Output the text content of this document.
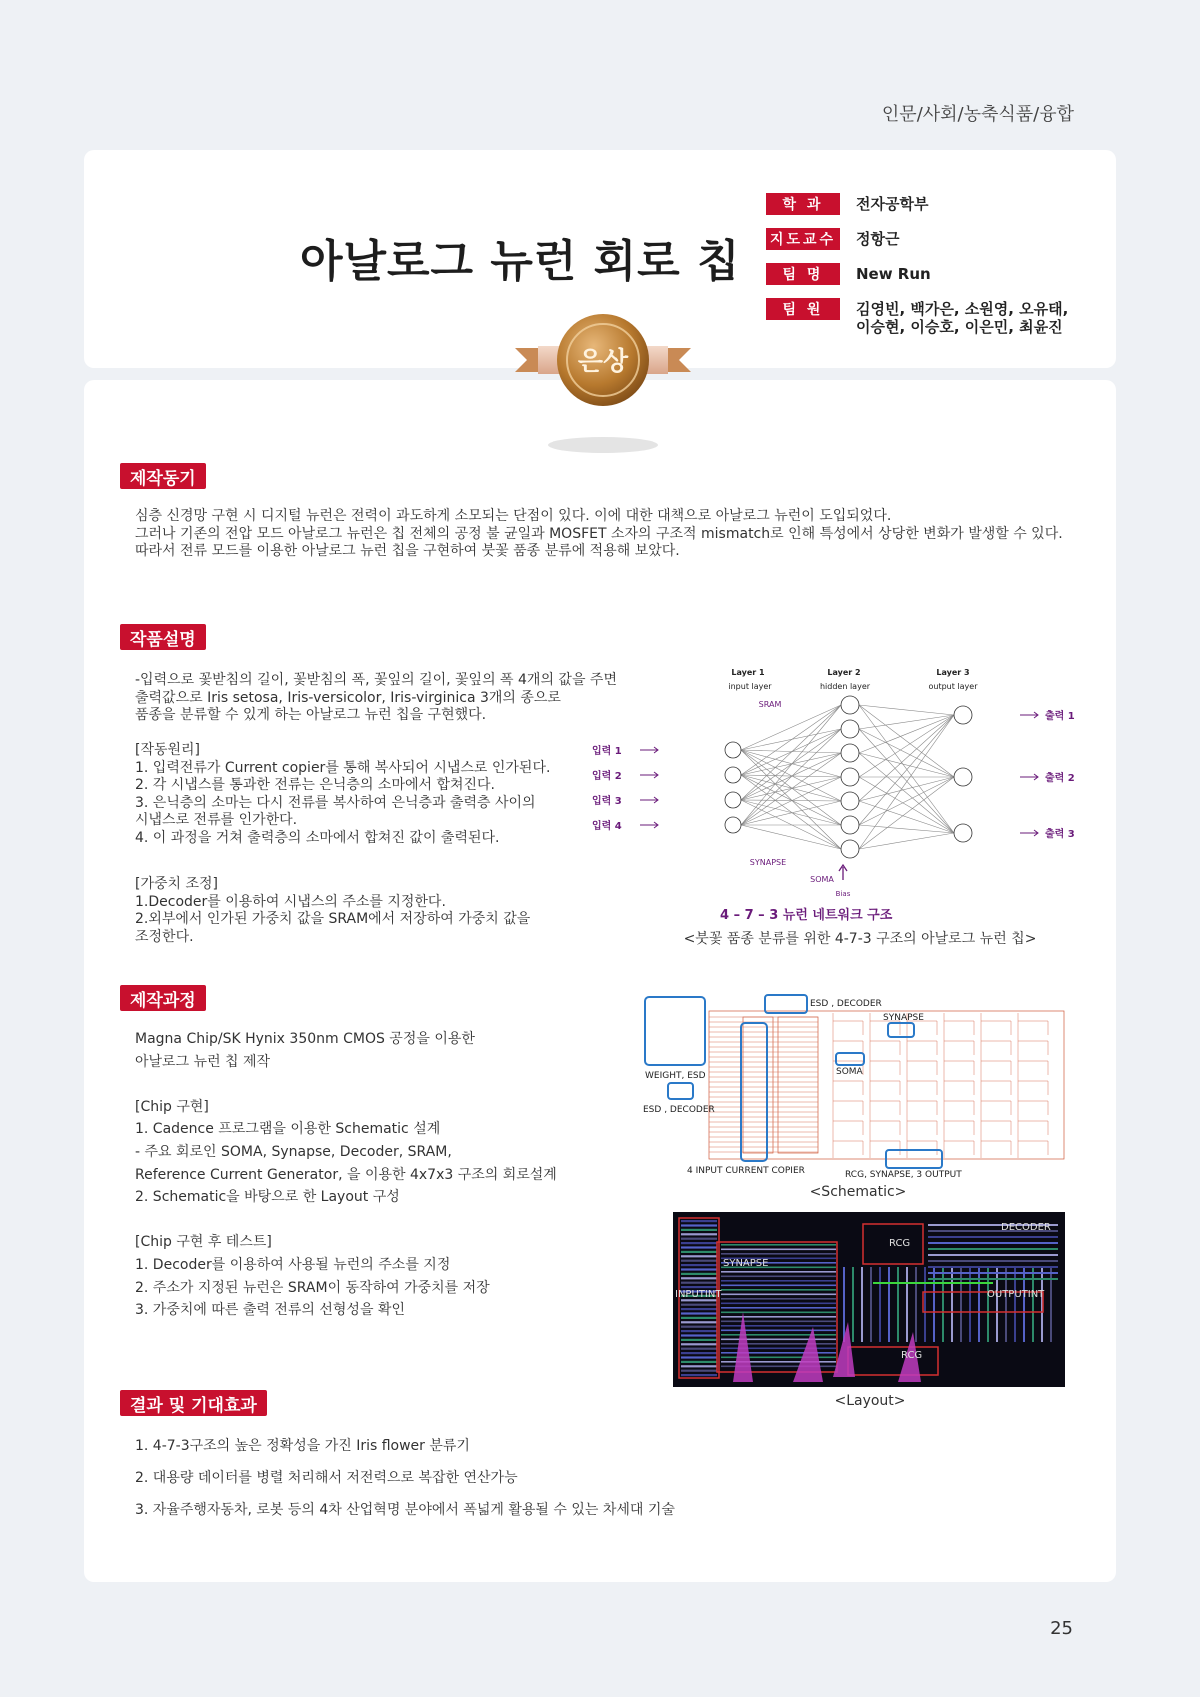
인문/사회/농축식품/융합
아날로그 뉴런 회로 칩
학 과	전자공학부
지도교수 정항근
팀 명	New Run
팀 원	김영빈, 백가은, 소원영, 오유태,
이승현, 이승호, 이은민, 최윤진
은상
제작동기

심층 신경망 구현 시 디지털 뉴런은 전력이 과도하게 소모되는 단점이 있다. 이에 대한 대책으로 아날로그 뉴런이 도입되었다.

그러나 기존의 전압 모드 아날로그 뉴런은 칩 전체의 공정 불 균일과 MOSFET 소자의 구조적 mismatch로 인해 특성에서 상당한 변화가 발생할 수 있다.

따라서 전류 모드를 이용한 아날로그 뉴런 칩을 구현하여 붓꽃 품종 분류에 적용해 보았다.

작품설명
-입력으로 꽃받침의 길이, 꽃받침의 폭, 꽃잎의 길이, 꽃잎의 폭 4개의 값을 주면
출력값으로 Iris setosa, Iris-versicolor, Iris-virginica 3개의 종으로
품종을 분류할 수 있게 하는 아날로그 뉴런 칩을 구현했다.
[작동원리]
1. 입력전류가 Current copier를 통해 복사되어 시냅스로 인가된다.
2. 각 시냅스를 통과한 전류는 은닉층의 소마에서 합쳐진다.
3. 은닉층의 소마는 다시 전류를 복사하여 은닉층과 출력층 사이의
시냅스로 전류를 인가한다.
4. 이 과정을 거쳐 출력층의 소마에서 합쳐진 값이 출력된다.
[가중치 조정]
1.Decoder를 이용하여 시냅스의 주소를 지정한다.
2.외부에서 인가된 가중치 값을 SRAM에서 저장하여 가중치 값을
조정한다.
입력 1
입력 2
입력 3
입력 4
출력 1
출력 2
출력 3
Layer 1
input layer
Layer 2
hidden layer
Layer 3
output layer
SRAM
SYNAPSE
SOMA
Bias
4 – 7 – 3 뉴런 네트워크 구조
<붓꽃 품종 분류를 위한 4-7-3 구조의 아날로그 뉴런 칩>
제작과정
Magna Chip/SK Hynix 350nm CMOS 공정을 이용한
아날로그 뉴런 칩 제작

[Chip 구현]
1. Cadence 프로그램을 이용한 Schematic 설계
- 주요 회로인 SOMA, Synapse, Decoder, SRAM,
Reference Current Generator, 을 이용한 4x7x3 구조의 회로설계
2. Schematic을 바탕으로 한 Layout 구성

[Chip 구현 후 테스트]
1. Decoder를 이용하여 사용될 뉴런의 주소를 지정
2. 주소가 지정된 뉴런은 SRAM이 동작하여 가중치를 저장
3. 가중치에 따른 출력 전류의 선형성을 확인
ESD , DECODER
SYNAPSE
WEIGHT, ESD
ESD , DECODER
SOMA
4 INPUT CURRENT COPIER	RCG, SYNAPSE, 3 OUTPUT
<Schematic>
DECODER
RCG
SYNAPSE
INPUTINT	OUTPUTINT
RCG
<Layout>
결과 및 기대효과
1. 4-7-3구조의 높은 정확성을 가진 Iris flower 분류기
2. 대용량 데이터를 병렬 처리해서 저전력으로 복잡한 연산가능
3. 자율주행자동차, 로봇 등의 4차 산업혁명 분야에서 폭넓게 활용될 수 있는 차세대 기술
25
